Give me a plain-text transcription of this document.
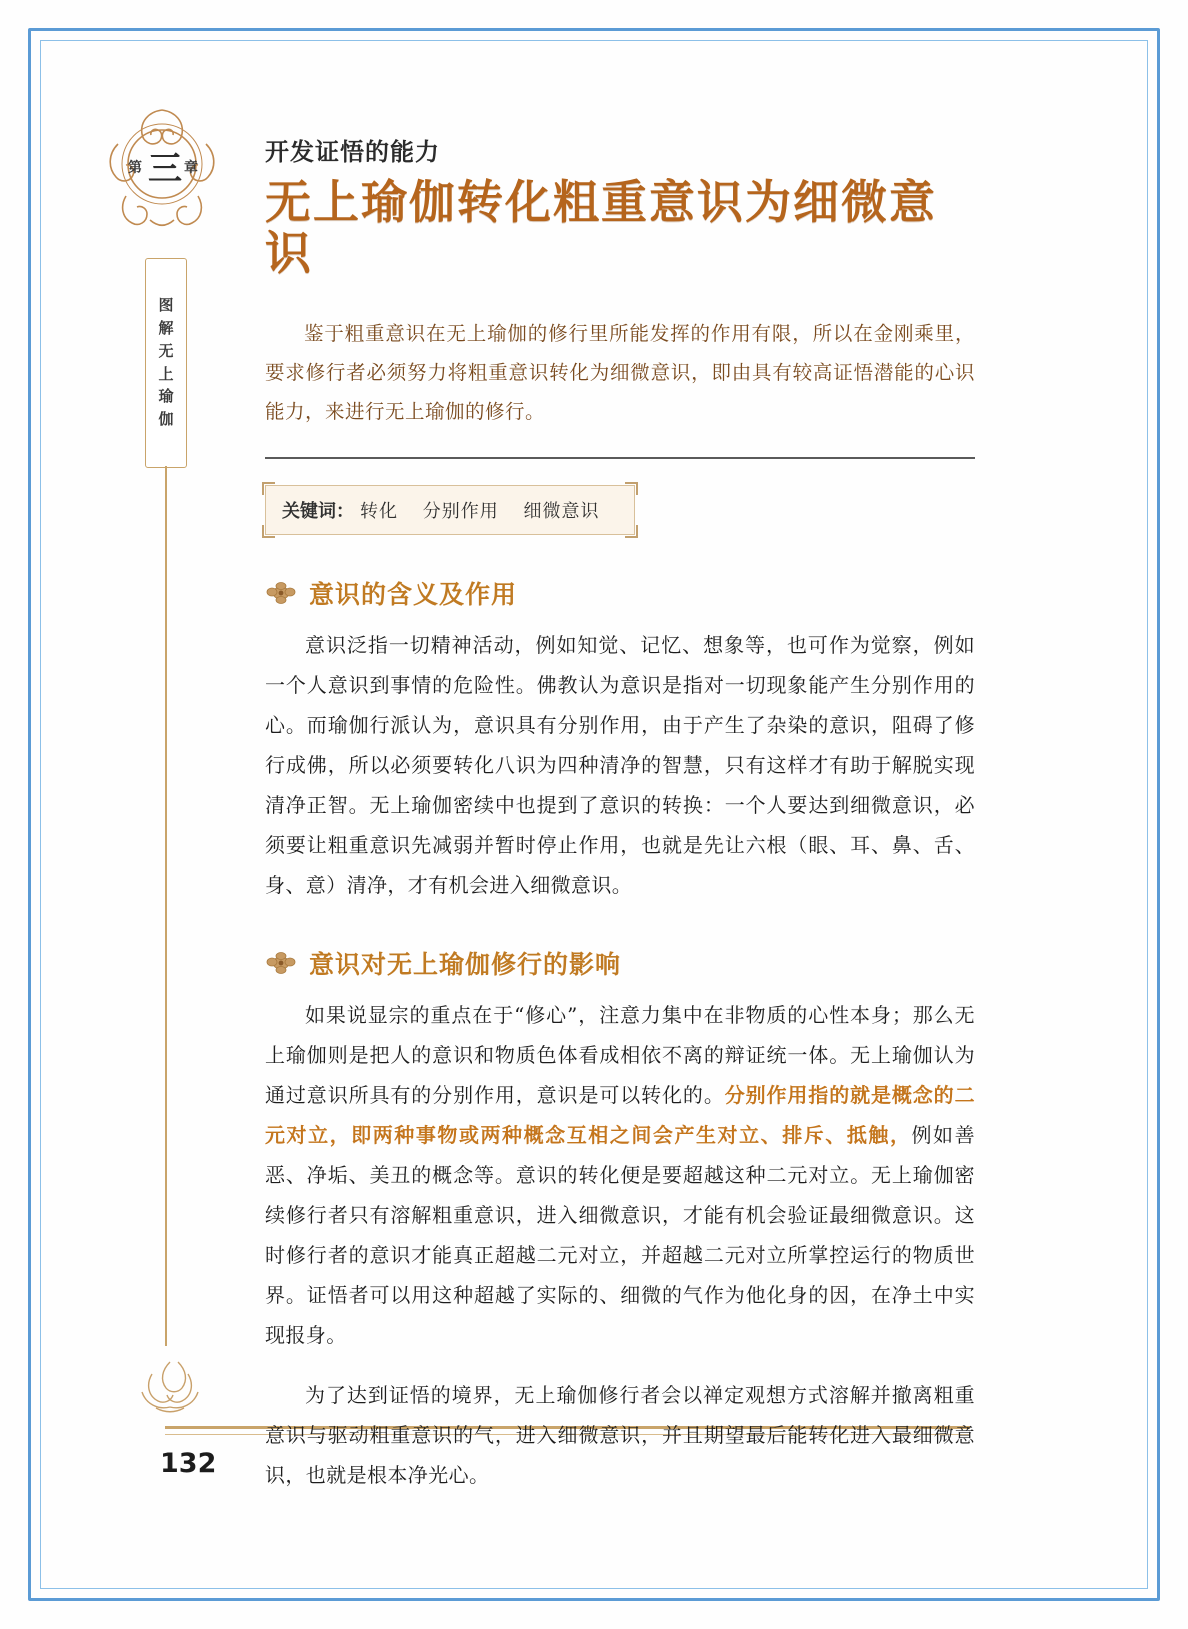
第	章
三
图
解
无
上
瑜
伽
132
开发证悟的能力
无上瑜伽转化粗重意识为细微意识
鉴于粗重意识在无上瑜伽的修行里所能发挥的作用有限，所以在金刚乘里，要求修行者必须努力将粗重意识转化为细微意识，即由具有较高证悟潜能的心识能力，来进行无上瑜伽的修行。
关键词： 转化 分别作用 细微意识
意识的含义及作用

意识泛指一切精神活动，例如知觉、记忆、想象等，也可作为觉察，例如一个人意识到事情的危险性。佛教认为意识是指对一切现象能产生分别作用的心。而瑜伽行派认为，意识具有分别作用，由于产生了杂染的意识，阻碍了修行成佛，所以必须要转化八识为四种清净的智慧，只有这样才有助于解脱实现清净正智。无上瑜伽密续中也提到了意识的转换：一个人要达到细微意识，必须要让粗重意识先减弱并暂时停止作用，也就是先让六根（眼、耳、鼻、舌、身、意）清净，才有机会进入细微意识。

意识对无上瑜伽修行的影响

如果说显宗的重点在于“修心”，注意力集中在非物质的心性本身；那么无上瑜伽则是把人的意识和物质色体看成相依不离的辩证统一体。无上瑜伽认为通过意识所具有的分别作用，意识是可以转化的。分别作用指的就是概念的二元对立，即两种事物或两种概念互相之间会产生对立、排斥、抵触，例如善恶、净垢、美丑的概念等。意识的转化便是要超越这种二元对立。无上瑜伽密续修行者只有溶解粗重意识，进入细微意识，才能有机会验证最细微意识。这时修行者的意识才能真正超越二元对立，并超越二元对立所掌控运行的物质世界。证悟者可以用这种超越了实际的、细微的气作为他化身的因，在净土中实现报身。

为了达到证悟的境界，无上瑜伽修行者会以禅定观想方式溶解并撤离粗重意识与驱动粗重意识的气，进入细微意识，并且期望最后能转化进入最细微意识，也就是根本净光心。
